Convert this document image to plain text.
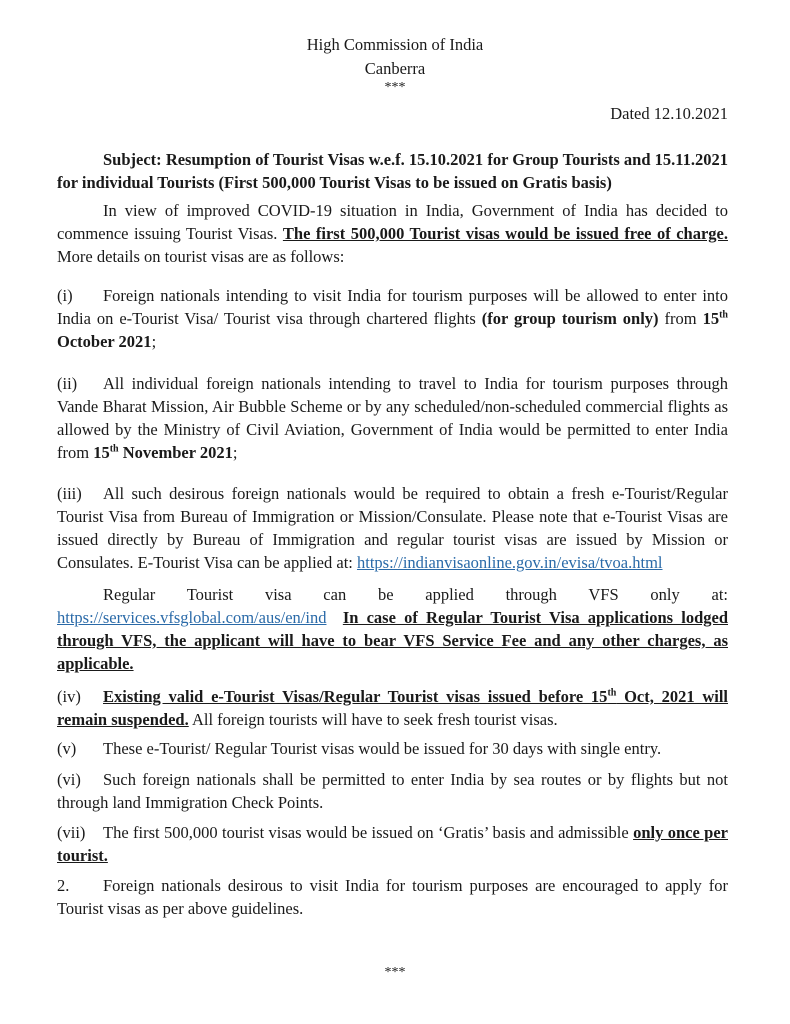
High Commission of India
Canberra
***
Dated 12.10.2021

Subject: Resumption of Tourist Visas w.e.f. 15.10.2021 for Group Tourists and 15.11.2021 for individual Tourists (First 500,000 Tourist Visas to be issued on Gratis basis)

In view of improved COVID-19 situation in India, Government of India has decided to commence issuing Tourist Visas. The first 500,000 Tourist visas would be issued free of charge. More details on tourist visas are as follows:

(i) Foreign nationals intending to visit India for tourism purposes will be allowed to enter into India on e-Tourist Visa/ Tourist visa through chartered flights (for group tourism only) from 15th October 2021;

(ii) All individual foreign nationals intending to travel to India for tourism purposes through Vande Bharat Mission, Air Bubble Scheme or by any scheduled/non-scheduled commercial flights as allowed by the Ministry of Civil Aviation, Government of India would be permitted to enter India from 15th November 2021;

(iii) All such desirous foreign nationals would be required to obtain a fresh e-Tourist/Regular Tourist Visa from Bureau of Immigration or Mission/Consulate. Please note that e-Tourist Visas are issued directly by Bureau of Immigration and regular tourist visas are issued by Mission or Consulates. E-Tourist Visa can be applied at: https://indianvisaonline.gov.in/evisa/tvoa.html

Regular Tourist visa can be applied through VFS only at: https://services.vfsglobal.com/aus/en/ind In case of Regular Tourist Visa applications lodged through VFS, the applicant will have to bear VFS Service Fee and any other charges, as applicable.

(iv) Existing valid e-Tourist Visas/Regular Tourist visas issued before 15th Oct, 2021 will remain suspended. All foreign tourists will have to seek fresh tourist visas.

(v) These e-Tourist/ Regular Tourist visas would be issued for 30 days with single entry.

(vi) Such foreign nationals shall be permitted to enter India by sea routes or by flights but not through land Immigration Check Points.

(vii) The first 500,000 tourist visas would be issued on ‘Gratis’ basis and admissible only once per tourist.

2. Foreign nationals desirous to visit India for tourism purposes are encouraged to apply for Tourist visas as per above guidelines.

***
